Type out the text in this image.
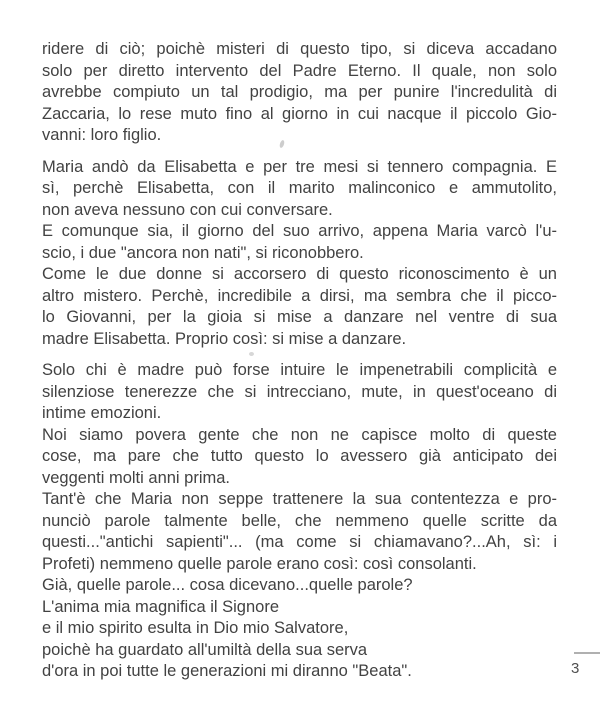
ridere di ciò; poichè misteri di questo tipo, si diceva accadano
solo per diretto intervento del Padre Eterno. Il quale, non solo
avrebbe compiuto un tal prodigio, ma per punire l'incredulità di
Zaccaria, lo rese muto fino al giorno in cui nacque il piccolo Gio-
vanni: loro figlio.
Maria andò da Elisabetta e per tre mesi si tennero compagnia. E
sì, perchè Elisabetta, con il marito malinconico e ammutolito,
non aveva nessuno con cui conversare.
E comunque sia, il giorno del suo arrivo, appena Maria varcò l'u-
scio, i due "ancora non nati", si riconobbero.
Come le due donne si accorsero di questo riconoscimento è un
altro mistero. Perchè, incredibile a dirsi, ma sembra che il picco-
lo Giovanni, per la gioia si mise a danzare nel ventre di sua
madre Elisabetta. Proprio così: si mise a danzare.
Solo chi è madre può forse intuire le impenetrabili complicità e
silenziose tenerezze che si intrecciano, mute, in quest'oceano di
intime emozioni.
Noi siamo povera gente che non ne capisce molto di queste
cose, ma pare che tutto questo lo avessero già anticipato dei
veggenti molti anni prima.
Tant'è che Maria non seppe trattenere la sua contentezza e pro-
nunciò parole talmente belle, che nemmeno quelle scritte da
questi..."antichi sapienti"... (ma come si chiamavano?...Ah, sì: i
Profeti) nemmeno quelle parole erano così: così consolanti.
Già, quelle parole... cosa dicevano...quelle parole?
L'anima mia magnifica il Signore
e il mio spirito esulta in Dio mio Salvatore,
poichè ha guardato all'umiltà della sua serva
d'ora in poi tutte le generazioni mi diranno "Beata".	3
